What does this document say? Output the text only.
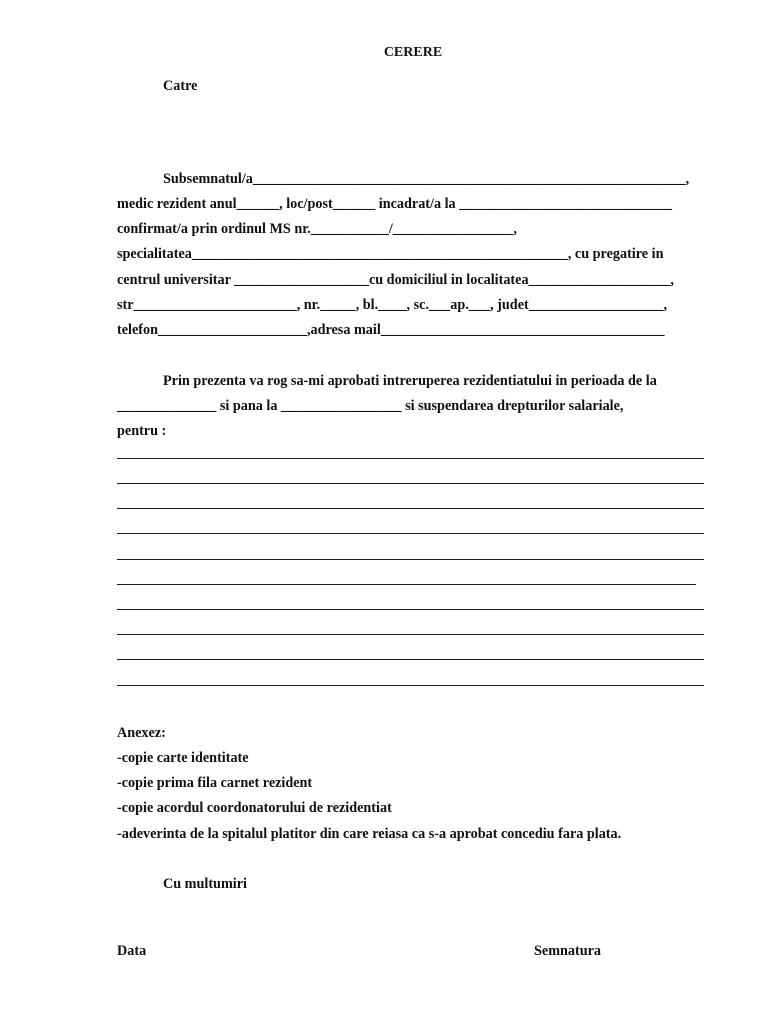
CERERE

Catre

Subsemnatul/a_____________________________________________________________,

medic rezident anul______, loc/post______ incadrat/a la ______________________________

confirmat/a prin ordinul MS nr.___________/_________________,

specialitatea_____________________________________________________, cu pregatire in

centrul universitar ___________________cu domiciliul in localitatea____________________,

str_______________________, nr._____, bl.____, sc.___ap.___, judet___________________,

telefon_____________________,adresa mail________________________________________

Prin prezenta va rog sa-mi aprobati intreruperea rezidentiatului in perioada de la

______________ si pana la _________________ si suspendarea drepturilor salariale,

pentru :

Anexez:

-copie carte identitate

-copie prima fila carnet rezident

-copie acordul coordonatorului de rezidentiat

-adeverinta de la spitalul platitor din care reiasa ca s-a aprobat concediu fara plata.

Cu multumiri

Data	Semnatura
